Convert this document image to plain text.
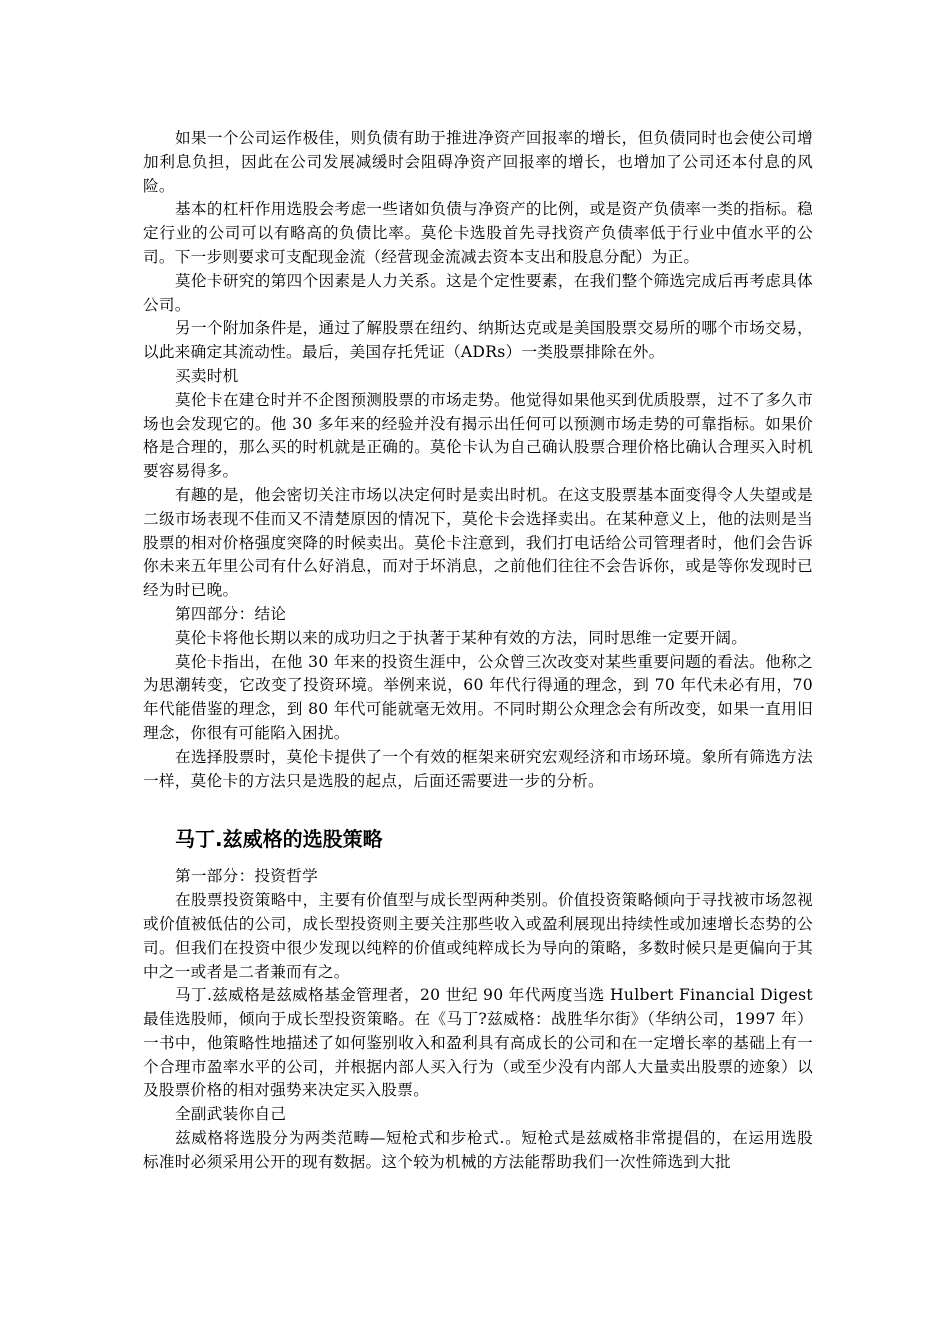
如果一个公司运作极佳，则负债有助于推进净资产回报率的增长，但负债同时也会使公司增加利息负担，因此在公司发展减缓时会阻碍净资产回报率的增长，也增加了公司还本付息的风险。

基本的杠杆作用选股会考虑一些诸如负债与净资产的比例，或是资产负债率一类的指标。稳定行业的公司可以有略高的负债比率。莫伦卡选股首先寻找资产负债率低于行业中值水平的公司。下一步则要求可支配现金流（经营现金流减去资本支出和股息分配）为正。

莫伦卡研究的第四个因素是人力关系。这是个定性要素，在我们整个筛选完成后再考虑具体公司。

另一个附加条件是，通过了解股票在纽约、纳斯达克或是美国股票交易所的哪个市场交易，以此来确定其流动性。最后，美国存托凭证（ADRs）一类股票排除在外。

买卖时机

莫伦卡在建仓时并不企图预测股票的市场走势。他觉得如果他买到优质股票，过不了多久市场也会发现它的。他 30 多年来的经验并没有揭示出任何可以预测市场走势的可靠指标。如果价格是合理的，那么买的时机就是正确的。莫伦卡认为自己确认股票合理价格比确认合理买入时机要容易得多。

有趣的是，他会密切关注市场以决定何时是卖出时机。在这支股票基本面变得令人失望或是二级市场表现不佳而又不清楚原因的情况下，莫伦卡会选择卖出。在某种意义上，他的法则是当股票的相对价格强度突降的时候卖出。莫伦卡注意到，我们打电话给公司管理者时，他们会告诉你未来五年里公司有什么好消息，而对于坏消息，之前他们往往不会告诉你，或是等你发现时已经为时已晚。

第四部分：结论

莫伦卡将他长期以来的成功归之于执著于某种有效的方法，同时思维一定要开阔。

莫伦卡指出，在他 30 年来的投资生涯中，公众曾三次改变对某些重要问题的看法。他称之为思潮转变，它改变了投资环境。举例来说，60 年代行得通的理念，到 70 年代未必有用，70 年代能借鉴的理念，到 80 年代可能就毫无效用。不同时期公众理念会有所改变，如果一直用旧理念，你很有可能陷入困扰。

在选择股票时，莫伦卡提供了一个有效的框架来研究宏观经济和市场环境。象所有筛选方法一样，莫伦卡的方法只是选股的起点，后面还需要进一步的分析。

马丁.兹威格的选股策略

第一部分：投资哲学

在股票投资策略中，主要有价值型与成长型两种类别。价值投资策略倾向于寻找被市场忽视或价值被低估的公司，成长型投资则主要关注那些收入或盈利展现出持续性或加速增长态势的公司。但我们在投资中很少发现以纯粹的价值或纯粹成长为导向的策略，多数时候只是更偏向于其中之一或者是二者兼而有之。

马丁.兹威格是兹威格基金管理者，20 世纪 90 年代两度当选 Hulbert Financial Digest 最佳选股师，倾向于成长型投资策略。在《马丁?兹威格：战胜华尔街》（华纳公司，1997 年）一书中，他策略性地描述了如何鉴别收入和盈利具有高成长的公司和在一定增长率的基础上有一个合理市盈率水平的公司，并根据内部人买入行为（或至少没有内部人大量卖出股票的迹象）以及股票价格的相对强势来决定买入股票。

全副武装你自己

兹威格将选股分为两类范畴—短枪式和步枪式.。短枪式是兹威格非常提倡的，在运用选股标准时必须采用公开的现有数据。这个较为机械的方法能帮助我们一次性筛选到大批
